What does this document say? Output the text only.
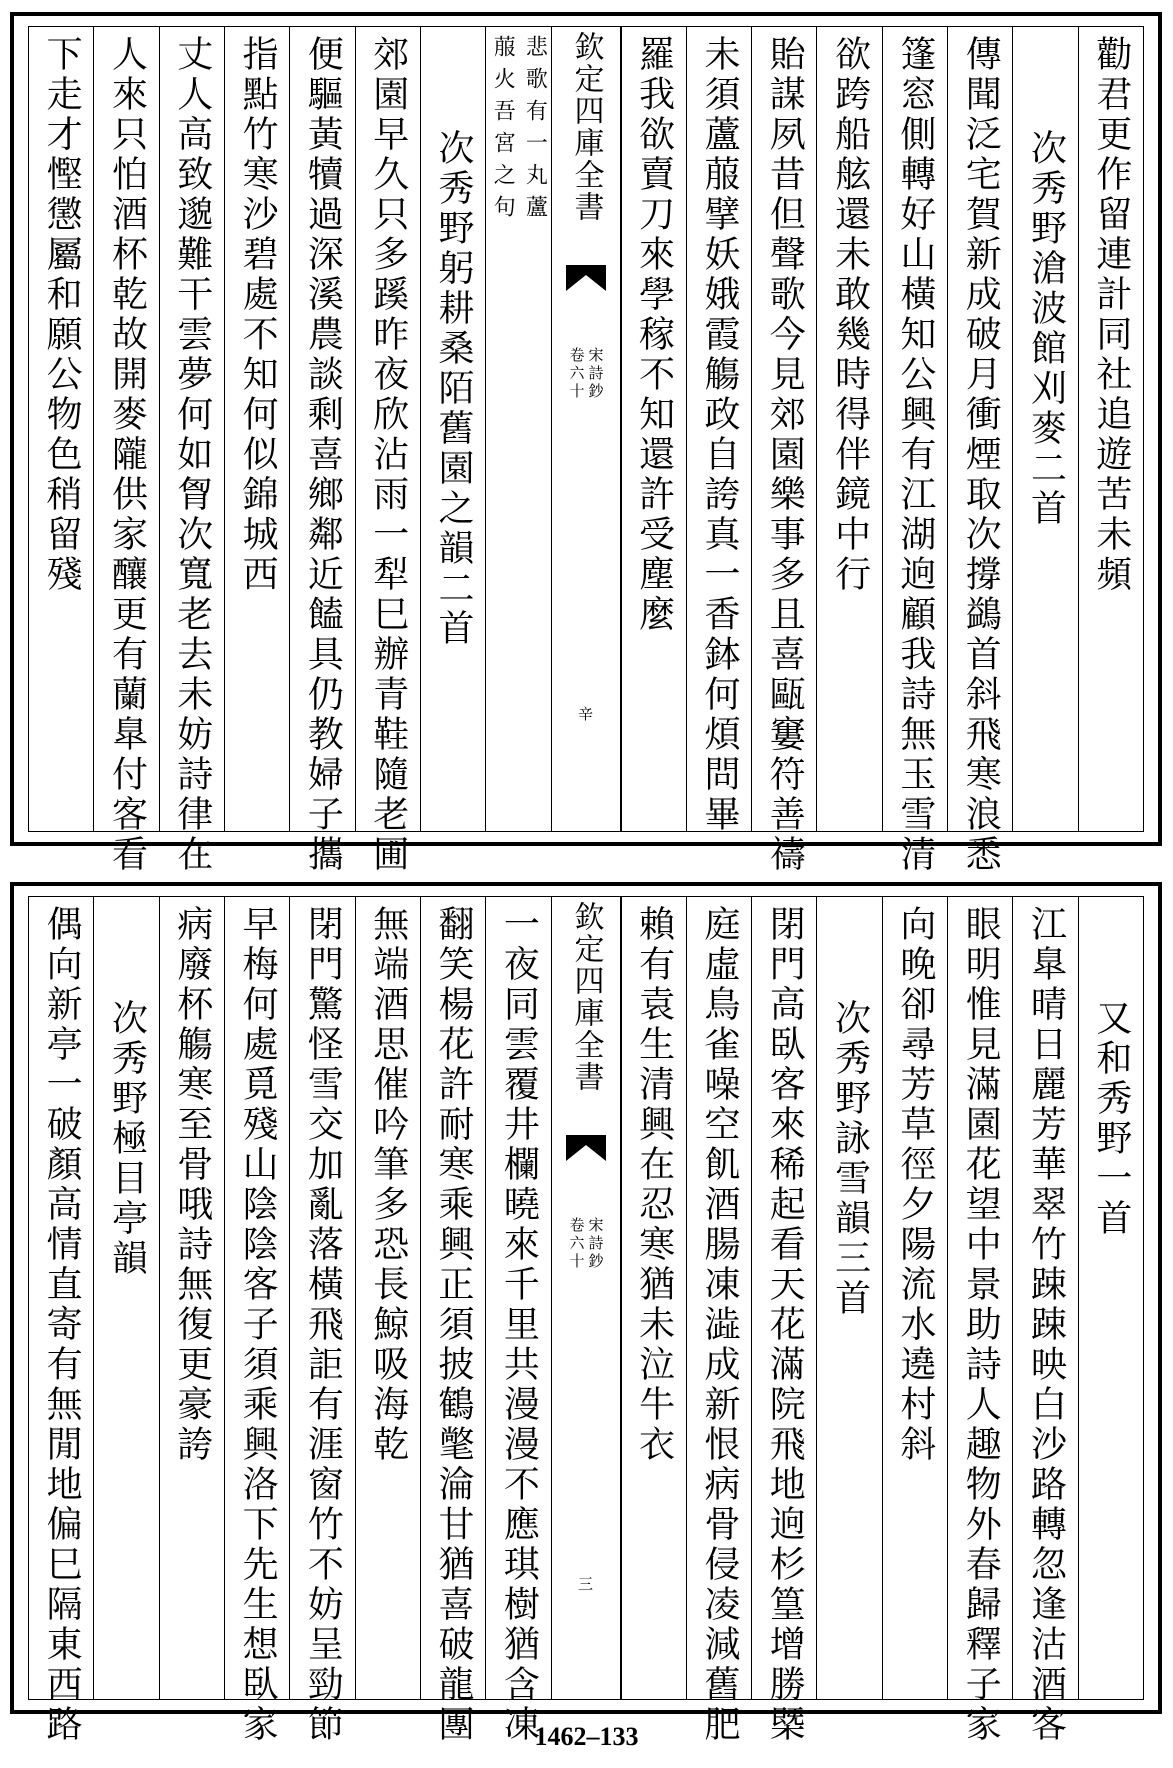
勸君更作留連計同社追遊苦未頻
次秀野滄波館刈麥二首
傳聞泛宅賀新成破月衝煙取次撐鷁首斜飛寒浪悉
篷窓側轉好山橫知公興有江湖逈顧我詩無玉雪清
欲跨船舷還未敢幾時得伴鏡中行
貽謀夙昔但聲歌今見郊園樂事多且喜甌窶符善禱
未須蘆菔擘妖娥霞觴政自誇真一香鉢何煩問畢
羅我欲賣刀來學稼不知還許受塵麼
欽定四庫全書
宋詩鈔
卷六十
辛
悲歌有一丸蘆
菔火吾宮之句
次秀野躬耕桑陌舊園之韻二首
郊園早久只多蹊昨夜欣沾雨一犁巳辦青鞋隨老圃
便驅黃犢過深溪農談剩喜鄉鄰近饁具仍教婦子攜
指點竹寒沙碧處不知何似錦城西
丈人高致邈難干雲夢何如胷次寬老去未妨詩律在
人來只怕酒杯乾故開麥隴供家釀更有蘭臯付客看
下走才慳懲屬和願公物色稍留殘
又和秀野一首
江臯晴日麗芳華翠竹踈踈映白沙路轉忽逢沽酒客
眼明惟見滿園花望中景助詩人趣物外春歸釋子家
向晚卻尋芳草徑夕陽流水遶村斜
次秀野詠雪韻三首
閉門高臥客來稀起看天花滿院飛地逈杉篁增勝槩
庭虛鳥雀噪空飢酒腸凍澁成新恨病骨侵凌減舊肥
賴有袁生清興在忍寒猶未泣牛衣
欽定四庫全書
宋詩鈔
卷六十
三
一夜同雲覆井欄曉來千里共漫漫不應琪樹猶含凍
翻笑楊花許耐寒乘興正須披鶴氅淪甘猶喜破龍團
無端酒思催吟筆多恐長鯨吸海乾
閉門驚怪雪交加亂落橫飛詎有涯窗竹不妨呈勁節
早梅何處覓殘山陰陰客子須乘興洛下先生想臥家
病廢杯觴寒至骨哦詩無復更豪誇
次秀野極目亭韻
偶向新亭一破顏高情直寄有無閒地偏巳隔東西路	1462–133
